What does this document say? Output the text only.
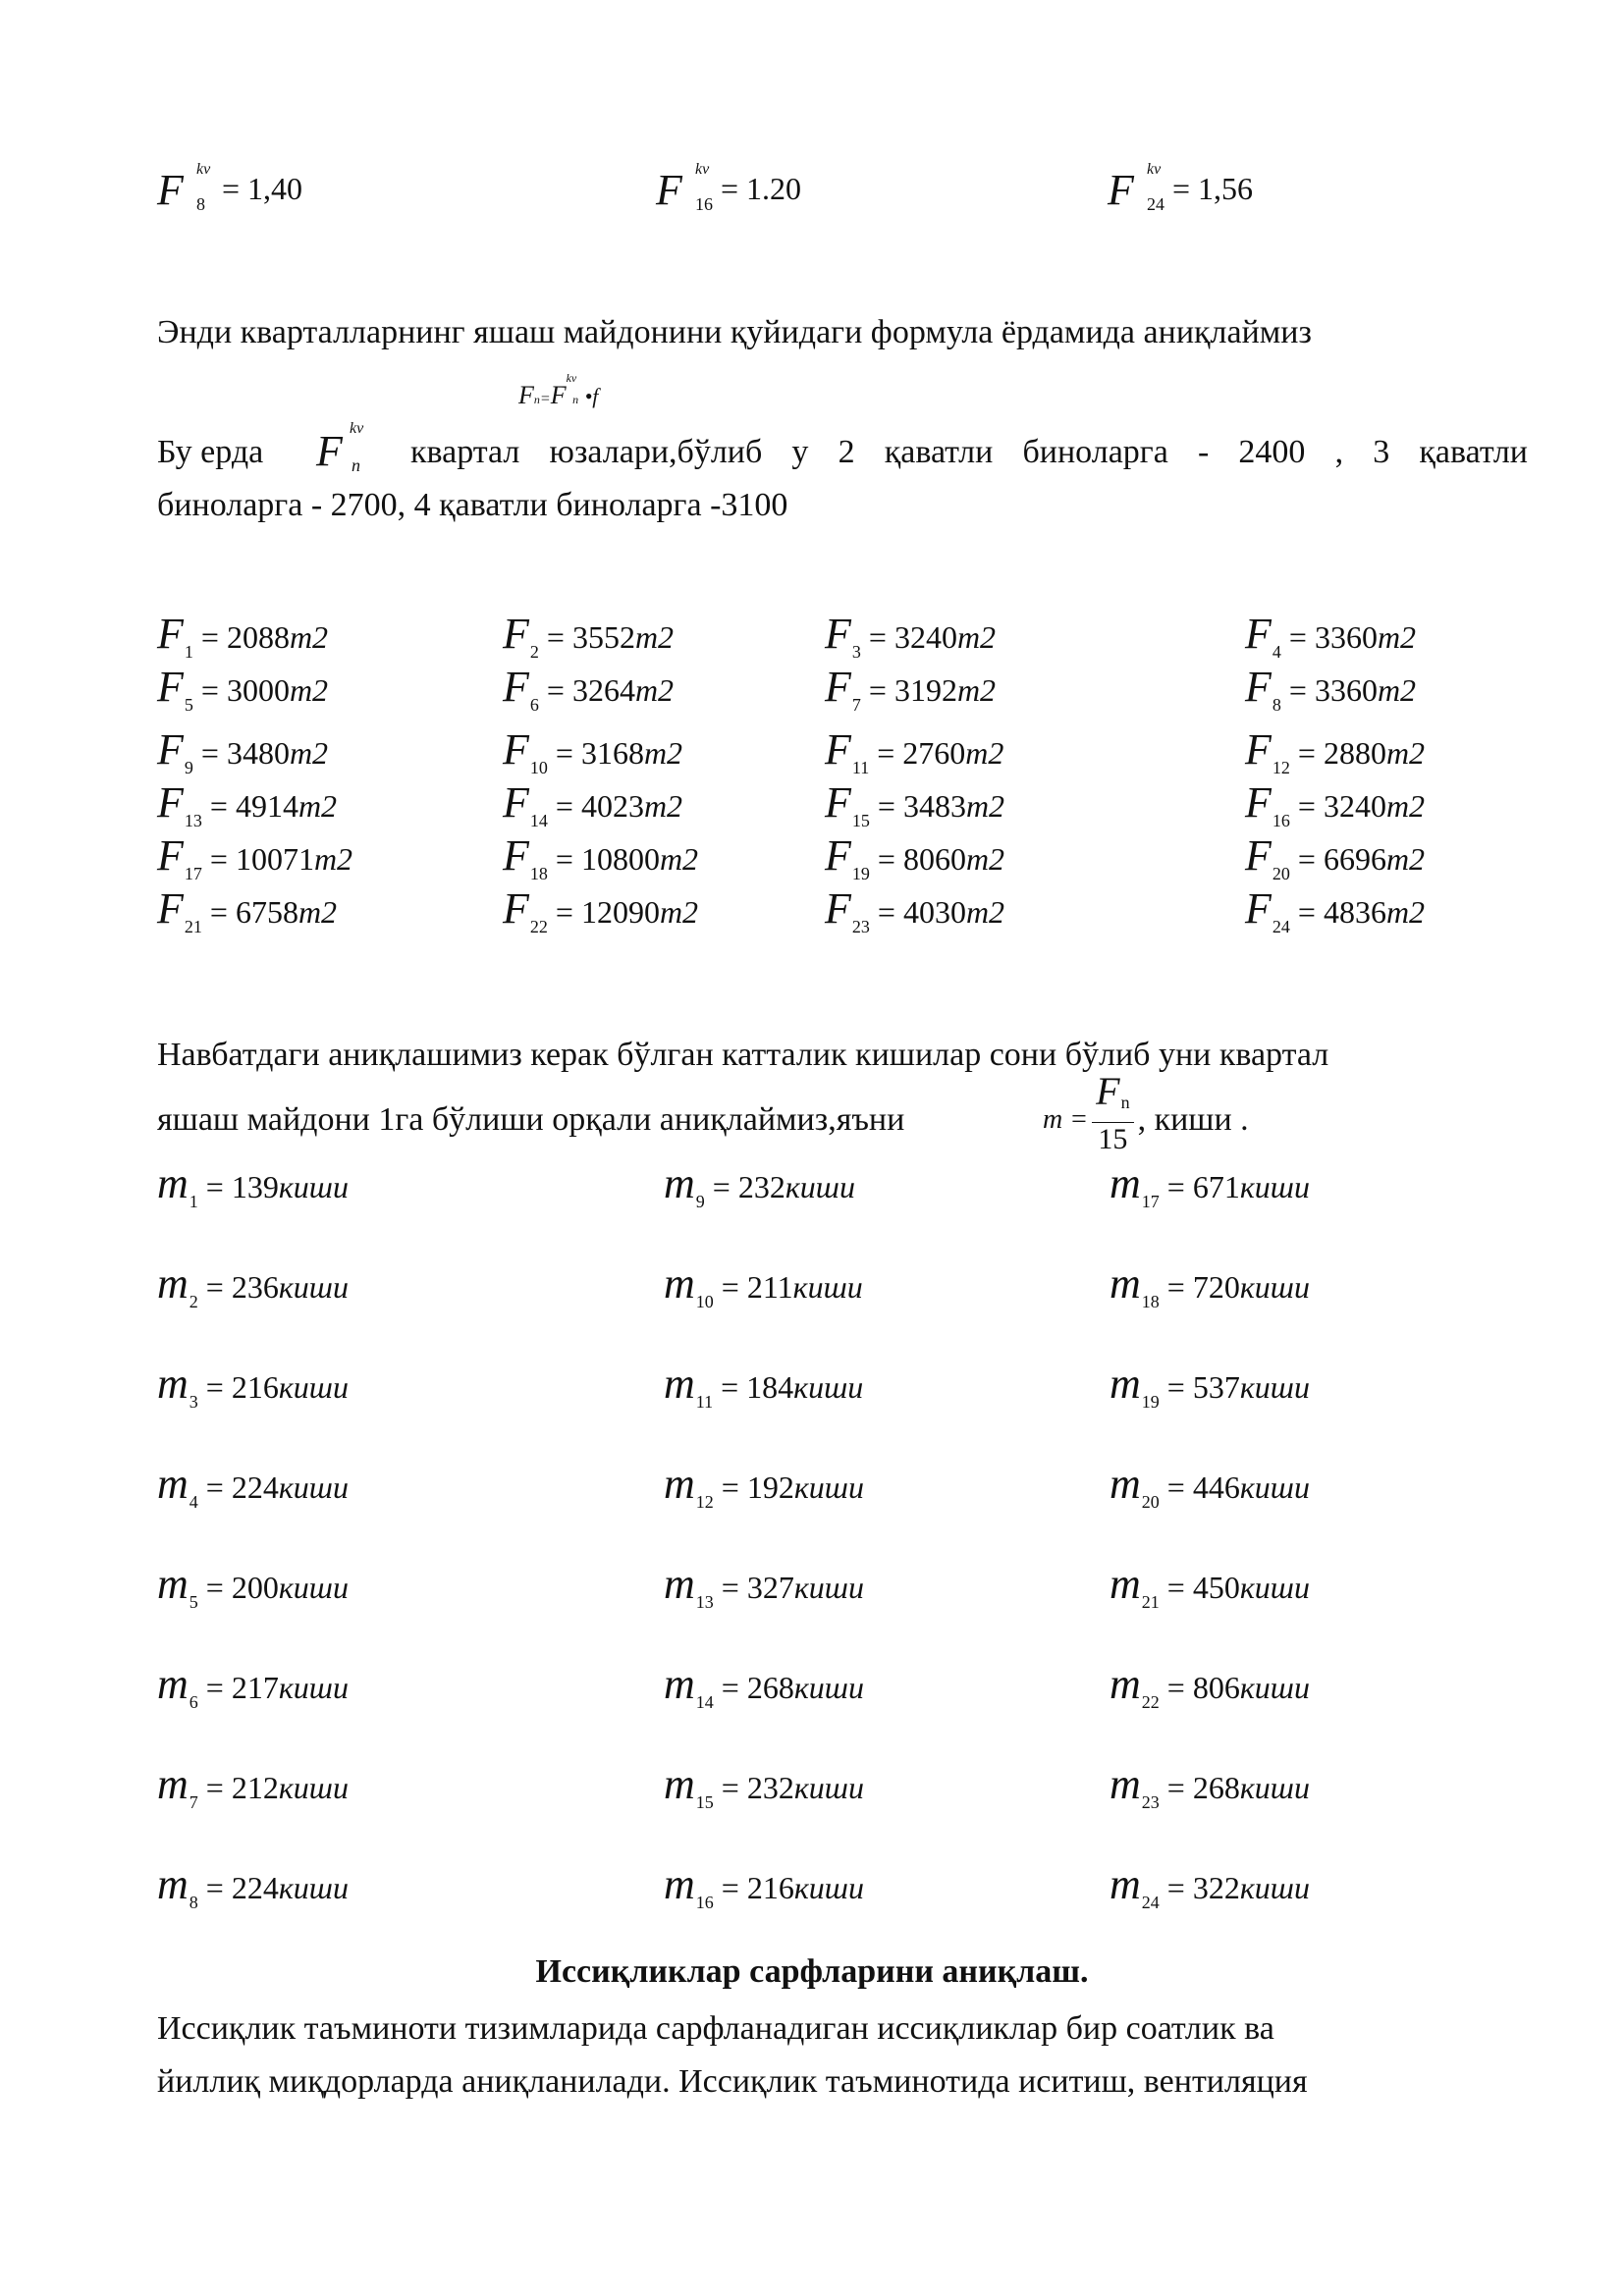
F kv
8 = 1,40	F kv
16 = 1.20	F kv
24 = 1,56
Энди кварталларнинг яшаш майдонини қуйидаги формула ёрдамида аниқлаймиз
Fn=F
kv
n •f
Бу ерда F kv
n квартал юзалари,бўлиб у 2 қаватли биноларга - 2400 , 3 қаватли
биноларга - 2700, 4 қаватли биноларга -3100
F1 = 2088m2	F2 = 3552m2	F3 = 3240m2	F4 = 3360m2
F5 = 3000m2	F6 = 3264m2	F7 = 3192m2	F8 = 3360m2
F9 = 3480m2	F10 = 3168m2	F11 = 2760m2	F12 = 2880m2
F13 = 4914m2	F14 = 4023m2	F15 = 3483m2	F16 = 3240m2
F17 = 10071m2	F18 = 10800m2	F19 = 8060m2	F20 = 6696m2
F21 = 6758m2	F22 = 12090m2	F23 = 4030m2	F24 = 4836m2
Навбатдаги аниқлашимиз керак бўлган катталик кишилар сони бўлиб уни квартал
яшаш майдони 1га бўлиши орқали аниқлаймиз,яъни	$m = \frac{F_n}{15}$ , киши .
m1 = 139киши	m9 = 232киши	m17 = 671киши
m2 = 236киши	m10 = 211киши	m18 = 720киши
m3 = 216киши	m11 = 184киши	m19 = 537киши
m4 = 224киши	m12 = 192киши	m20 = 446киши
m5 = 200киши	m13 = 327киши	m21 = 450киши
m6 = 217киши	m14 = 268киши	m22 = 806киши
m7 = 212киши	m15 = 232киши	m23 = 268киши
m8 = 224киши	m16 = 216киши	m24 = 322киши
Иссиқликлар сарфларини аниқлаш.
Иссиқлик таъминоти тизимларида сарфланадиган иссиқликлар бир соатлик ва
йиллиқ миқдорларда аниқланилади. Иссиқлик таъминотида иситиш, вентиляция
